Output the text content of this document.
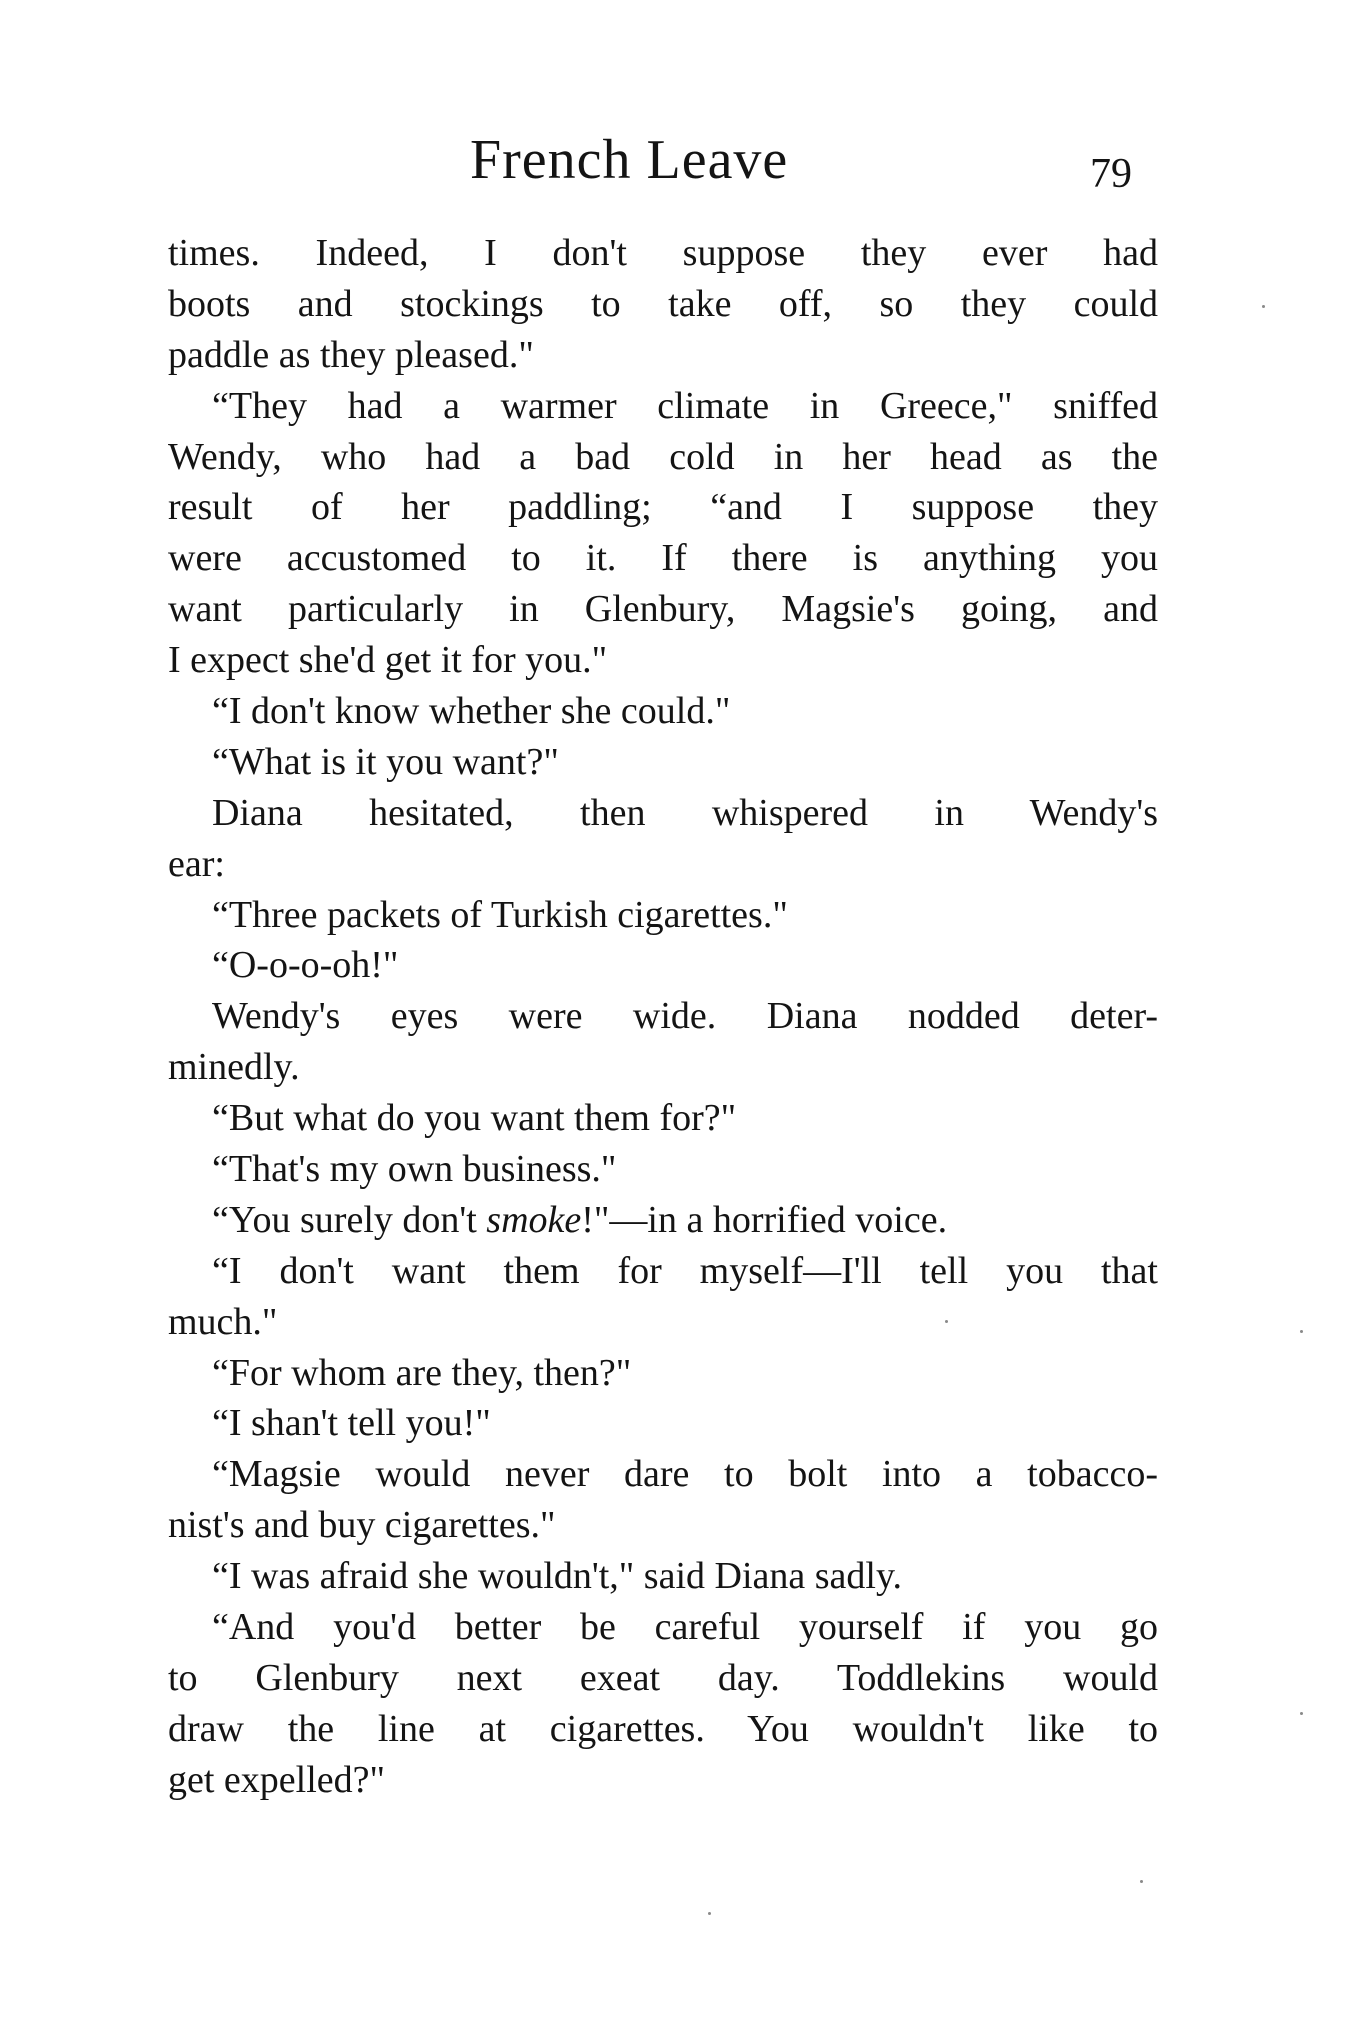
French Leave	79
times. Indeed, I don't suppose they ever had
boots and stockings to take off, so they could
paddle as they pleased."
“They had a warmer climate in Greece," sniffed
Wendy, who had a bad cold in her head as the
result of her paddling; “and I suppose they
were accustomed to it. If there is anything you
want particularly in Glenbury, Magsie's going, and
I expect she'd get it for you."
“I don't know whether she could."
“What is it you want?"
Diana hesitated, then whispered in Wendy's
ear:
“Three packets of Turkish cigarettes."
“O-o-o-oh!"
Wendy's eyes were wide. Diana nodded deter-
minedly.
“But what do you want them for?"
“That's my own business."
“You surely don't smoke!"—in a horrified voice.
“I don't want them for myself—I'll tell you that
much."
“For whom are they, then?"
“I shan't tell you!"
“Magsie would never dare to bolt into a tobacco-
nist's and buy cigarettes."
“I was afraid she wouldn't," said Diana sadly.
“And you'd better be careful yourself if you go
to Glenbury next exeat day. Toddlekins would
draw the line at cigarettes. You wouldn't like to
get expelled?"
